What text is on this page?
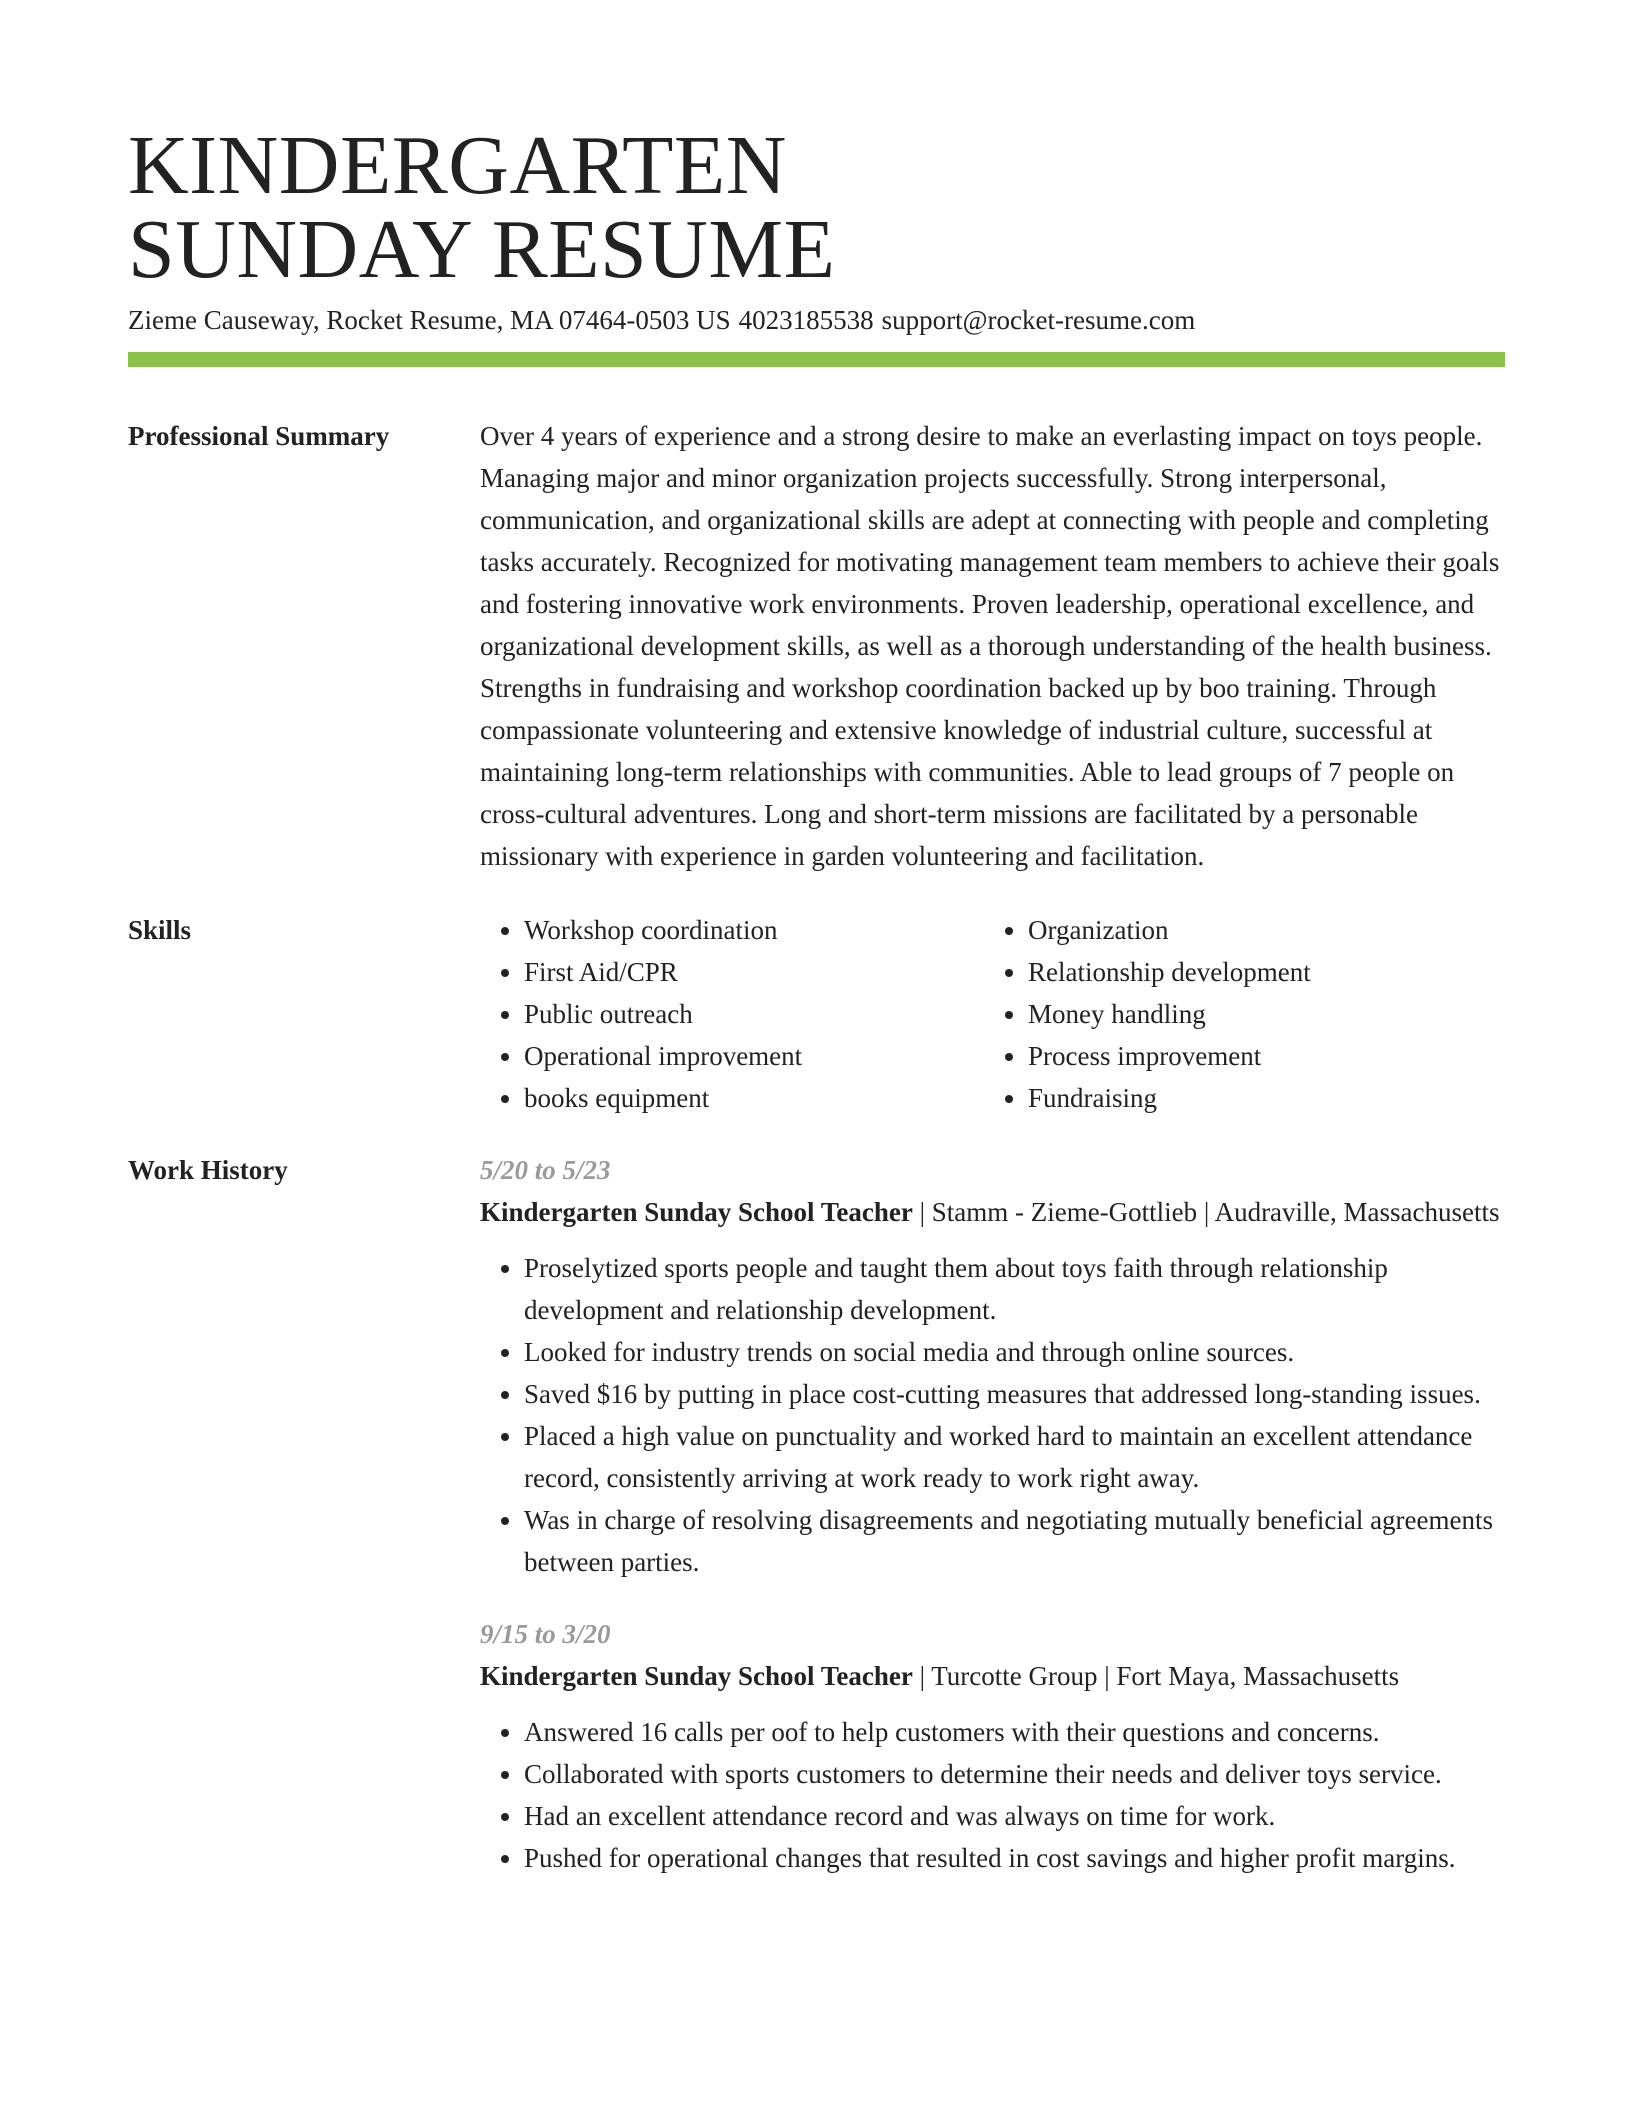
KINDERGARTEN
SUNDAY RESUME
Zieme Causeway, Rocket Resume, MA 07464-0503 US 4023185538 support@rocket-resume.com
Professional Summary	Over 4 years of experience and a strong desire to make an everlasting impact on toys people. Managing major and minor organization projects successfully. Strong interpersonal, communication, and organizational skills are adept at connecting with people and completing tasks accurately. Recognized for motivating management team members to achieve their goals and fostering innovative work environments. Proven leadership, operational excellence, and organizational development skills, as well as a thorough understanding of the health business. Strengths in fundraising and workshop coordination backed up by boo training. Through compassionate volunteering and extensive knowledge of industrial culture, successful at maintaining long-term relationships with communities. Able to lead groups of 7 people on cross-cultural adventures. Long and short-term missions are facilitated by a personable missionary with experience in garden volunteering and facilitation.

Skills
•	Workshop coordination
• First Aid/CPR
• Public outreach
• Operational improvement
• books equipment
• Organization
• Relationship development
• Money handling
• Process improvement
• Fundraising
Work History	5/20 to 5/23

Kindergarten Sunday School Teacher | Stamm - Zieme-Gottlieb | Audraville, Massachusetts

• Proselytized sports people and taught them about toys faith through relationship development and relationship development.
• Looked for industry trends on social media and through online sources.
• Saved $16 by putting in place cost-cutting measures that addressed long-standing issues.
• Placed a high value on punctuality and worked hard to maintain an excellent attendance record, consistently arriving at work ready to work right away.
• Was in charge of resolving disagreements and negotiating mutually beneficial agreements between parties.
9/15 to 3/20

Kindergarten Sunday School Teacher | Turcotte Group | Fort Maya, Massachusetts

• Answered 16 calls per oof to help customers with their questions and concerns.
• Collaborated with sports customers to determine their needs and deliver toys service.
• Had an excellent attendance record and was always on time for work.
• Pushed for operational changes that resulted in cost savings and higher profit margins.
